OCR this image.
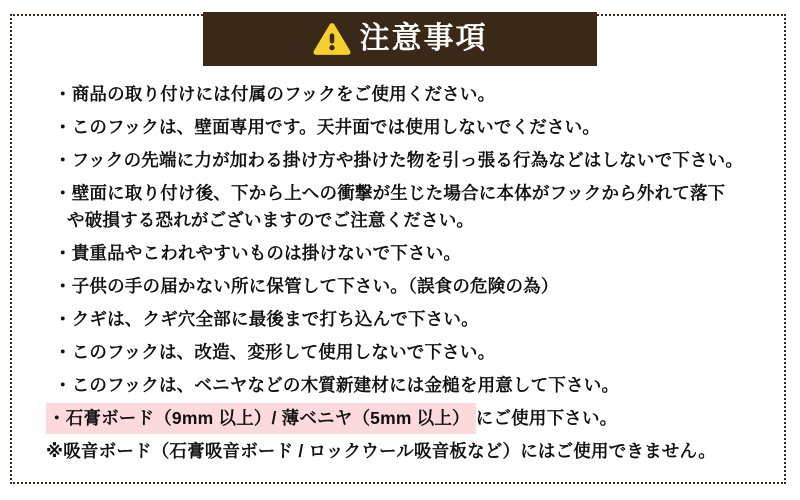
注意事項
・商品の取り付けには付属のフックをご使用ください。
・このフックは、壁面専用です。天井面では使用しないでください。
・フックの先端に力が加わる掛け方や掛けた物を引っ張る行為などはしないで下さい。
・壁面に取り付け後、下から上への衝撃が生じた場合に本体がフックから外れて落下
や破損する恐れがございますのでご注意ください。
・貴重品やこわれやすいものは掛けないで下さい。
・子供の手の届かない所に保管して下さい。（誤食の危険の為）
・クギは、クギ穴全部に最後まで打ち込んで下さい。
・このフックは、改造、変形して使用しないで下さい。
・このフックは、ベニヤなどの木質新建材には金槌を用意して下さい。
・石膏ボード（9mm 以上）/ 薄ベニヤ（5mm 以上） にご使用下さい。
※吸音ボード（石膏吸音ボード / ロックウール吸音板など）にはご使用できません。
